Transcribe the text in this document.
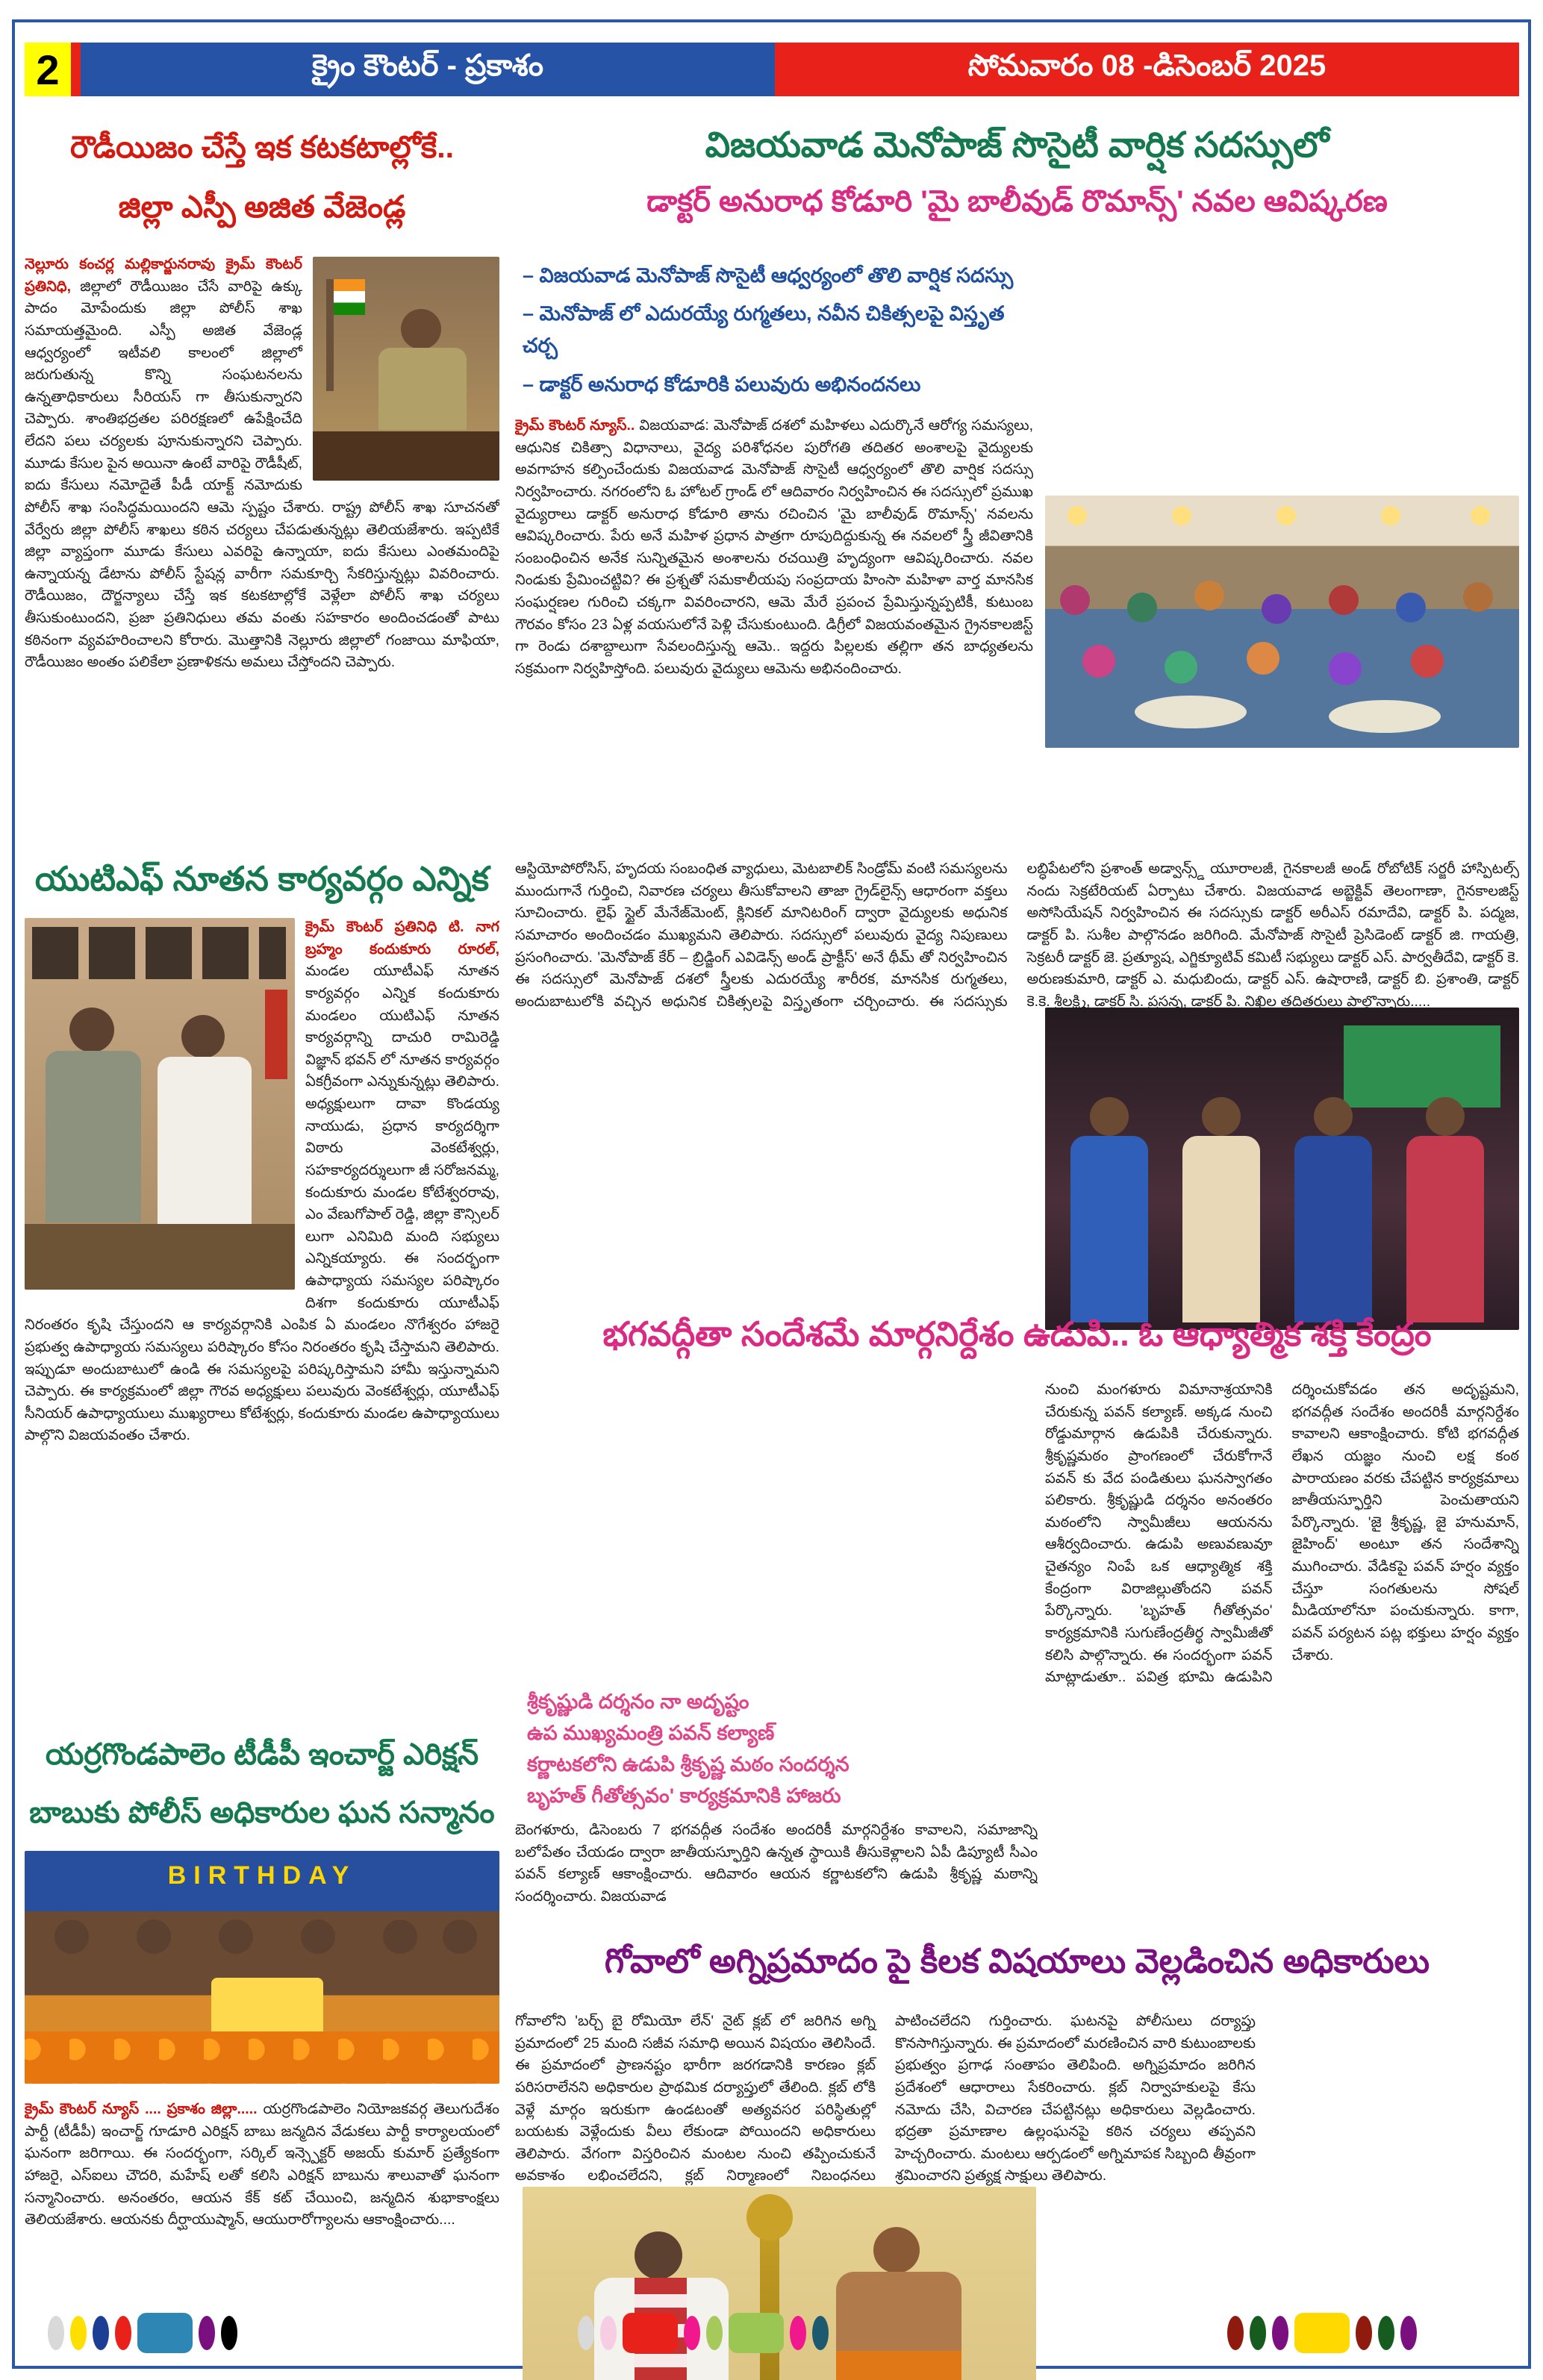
2	క్రైం కౌంటర్ - ప్రకాశం	సోమవారం 08 -డిసెంబర్ 2025
రౌడీయిజం చేస్తే ఇక కటకటాల్లోకే..
జిల్లా ఎస్పీ అజిత వేజెండ్ల
నెల్లూరు కంచర్ల మల్లికార్జునరావు క్రైమ్ కౌంటర్ ప్రతినిధి, జిల్లాలో రౌడీయిజం చేసే వారిపై ఉక్కు పాదం మోపేందుకు జిల్లా పోలీస్ శాఖ సమాయత్తమైంది. ఎస్పీ అజిత వేజెండ్ల ఆధ్వర్యంలో ఇటీవలి కాలంలో జిల్లాలో జరుగుతున్న కొన్ని సంఘటనలను ఉన్నతాధికారులు సీరియస్ గా తీసుకున్నారని చెప్పారు. శాంతిభద్రతల పరిరక్షణలో ఉపేక్షించేది లేదని పలు చర్యలకు పూనుకున్నారని చెప్పారు. మూడు కేసుల పైన అయినా ఉంటే వారిపై రౌడీషీట్, ఐదు కేసులు నమోదైతే పీడీ యాక్ట్ నమోదుకు పోలీస్ శాఖ సంసిద్ధమయిందని ఆమె స్పష్టం చేశారు. రాష్ట్ర పోలీస్ శాఖ సూచనతో వేర్వేరు జిల్లా పోలీస్ శాఖలు కఠిన చర్యలు చేపడుతున్నట్లు తెలియజేశారు. ఇప్పటికే జిల్లా వ్యాప్తంగా మూడు కేసులు ఎవరిపై ఉన్నాయా, ఐదు కేసులు ఎంతమందిపై ఉన్నాయన్న డేటాను పోలీస్ స్టేషన్ల వారీగా సమకూర్చి సేకరిస్తున్నట్లు వివరించారు. రౌడీయిజం, దౌర్జన్యాలు చేస్తే ఇక కటకటాల్లోకే వెళ్లేలా పోలీస్ శాఖ చర్యలు తీసుకుంటుందని, ప్రజా ప్రతినిధులు తమ వంతు సహకారం అందించడంతో పాటు కఠినంగా వ్యవహరించాలని కోరారు. మొత్తానికి నెల్లూరు జిల్లాలో గంజాయి మాఫియా, రౌడీయిజం అంతం పలికేలా ప్రణాళికను అమలు చేస్తోందని చెప్పారు.
యుటిఎఫ్ నూతన కార్యవర్గం ఎన్నిక
క్రైమ్ కౌంటర్ ప్రతినిధి టి. నాగ బ్రహ్మం కందుకూరు రూరల్, మండల యూటీఎఫ్ నూతన కార్యవర్గం ఎన్నిక కందుకూరు మండలం యుటిఎఫ్ నూతన కార్యవర్గాన్ని దాచురి రామిరెడ్డి విజ్ఞాన్ భవన్ లో నూతన కార్యవర్గం ఏకగ్రీవంగా ఎన్నుకున్నట్లు తెలిపారు. అధ్యక్షులుగా దావా కొండయ్య నాయుడు, ప్రధాన కార్యదర్శిగా విఠారు వెంకటేశ్వర్లు, సహకార్యదర్శులుగా జీ సరోజనమ్మ, కందుకూరు మండల కోటేశ్వరరావు, ఎం వేణుగోపాల్ రెడ్డి, జిల్లా కౌన్సిలర్ లుగా ఎనిమిది మంది సభ్యులు ఎన్నికయ్యారు. ఈ సందర్భంగా ఉపాధ్యాయ సమస్యల పరిష్కారం దిశగా కందుకూరు యూటీఎఫ్ నిరంతరం కృషి చేస్తుందని ఆ కార్యవర్గానికి ఎంపిక ఏ మండలం నొగేశ్వరం హాజరై ప్రభుత్వ ఉపాధ్యాయ సమస్యలు పరిష్కారం కోసం నిరంతరం కృషి చేస్తామని తెలిపారు. ఇప్పుడూ అందుబాటులో ఉండి ఈ సమస్యలపై పరిష్కరిస్తామని హామీ ఇస్తున్నామని చెప్పారు. ఈ కార్యక్రమంలో జిల్లా గౌరవ అధ్యక్షులు పలువురు వెంకటేశ్వర్లు, యూటీఎఫ్ సీనియర్ ఉపాధ్యాయులు ముఖ్యరాలు కోటేశ్వర్లు, కందుకూరు మండల ఉపాధ్యాయులు పాల్గొని విజయవంతం చేశారు.
యర్రగొండపాలెం టీడీపీ ఇంచార్జ్ ఎరిక్షన్
బాబుకు పోలీస్ అధికారుల ఘన సన్మానం
BIRTHDAY
క్రైమ్ కౌంటర్ న్యూస్ .... ప్రకాశం జిల్లా..... యర్రగొండపాలెం నియోజకవర్గ తెలుగుదేశం పార్టీ (టీడీపీ) ఇంచార్జ్ గూడూరి ఎరిక్షన్ బాబు జన్మదిన వేడుకలు పార్టీ కార్యాలయంలో ఘనంగా జరిగాయి. ఈ సందర్భంగా, సర్కిల్ ఇన్స్పెక్టర్ అజయ్ కుమార్ ప్రత్యేకంగా హాజరై, ఎస్ఐలు చౌదరి, మహేష్ లతో కలిసి ఎరిక్షన్ బాబును శాలువాతో ఘనంగా సన్మానించారు. అనంతరం, ఆయన కేక్ కట్ చేయించి, జన్మదిన శుభాకాంక్షలు తెలియజేశారు. ఆయనకు దీర్ఘాయుష్మాన్, ఆయురారోగ్యాలను ఆకాంక్షించారు....
విజయవాడ మెనోపాజ్ సొసైటీ వార్షిక సదస్సులో
డాక్టర్ అనురాధ కోడూరి 'మై బాలీవుడ్ రొమాన్స్' నవల ఆవిష్కరణ
– విజయవాడ మెనోపాజ్ సొసైటీ ఆధ్వర్యంలో తొలి వార్షిక సదస్సు
– మెనోపాజ్ లో ఎదురయ్యే రుగ్మతలు, నవీన చికిత్సలపై విస్తృత చర్చ
– డాక్టర్ అనురాధ కోడూరికి పలువురు అభినందనలు
క్రైమ్ కౌంటర్ న్యూస్.. విజయవాడ: మెనోపాజ్ దశలో మహిళలు ఎదుర్కొనే ఆరోగ్య సమస్యలు, ఆధునిక చికిత్సా విధానాలు, వైద్య పరిశోధనల పురోగతి తదితర అంశాలపై వైద్యులకు అవగాహన కల్పించేందుకు విజయవాడ మెనోపాజ్ సొసైటీ ఆధ్వర్యంలో తొలి వార్షిక సదస్సు నిర్వహించారు. నగరంలోని ఓ హోటల్ గ్రాండ్ లో ఆదివారం నిర్వహించిన ఈ సదస్సులో ప్రముఖ వైద్యురాలు డాక్టర్ అనురాధ కోడూరి తాను రచించిన 'మై బాలీవుడ్ రొమాన్స్' నవలను ఆవిష్కరించారు. పేరు అనే మహిళ ప్రధాన పాత్రగా రూపుదిద్దుకున్న ఈ నవలలో స్త్రీ జీవితానికి సంబంధించిన అనేక సున్నితమైన అంశాలను రచయిత్రి హృద్యంగా ఆవిష్కరించారు. నవల నిండుకు ప్రేమించట్టివి? ఈ ప్రశ్నతో సమకాలీయపు సంప్రదాయ హింసా మహిళా వార్త మానసిక సంఘర్షణల గురించి చక్కగా వివరించారని, ఆమె మేరే ప్రపంచ ప్రేమిస్తున్నప్పటికీ, కుటుంబ గౌరవం కోసం 23 ఏళ్ల వయసులోనే పెళ్లి చేసుకుంటుంది. డిగ్రీలో విజయవంతమైన గ్రైనకాలజిస్ట్ గా రెండు దశాబ్దాలుగా సేవలందిస్తున్న ఆమె.. ఇద్దరు పిల్లలకు తల్లిగా తన బాధ్యతలను సక్రమంగా నిర్వహిస్తోంది. పలువురు వైద్యులు ఆమెను అభినందించారు.
ఆస్టియోపోరోసిస్, హృదయ సంబంధిత వ్యాధులు, మెటబాలిక్ సిండ్రోమ్ వంటి సమస్యలను ముందుగానే గుర్తించి, నివారణ చర్యలు తీసుకోవాలని తాజా గ్రైడ్‌లైన్స్ ఆధారంగా వక్తలు సూచించారు. లైఫ్ స్టైల్ మేనేజ్‌మెంట్, క్లినికల్ మానిటరింగ్ ద్వారా వైద్యులకు అధునిక సమాచారం అందించడం ముఖ్యమని తెలిపారు. సదస్సులో పలువురు వైద్య నిపుణులు ప్రసంగించారు. 'మెనోపాజ్ కేర్ – బ్రిడ్జింగ్ ఎవిడెన్స్ అండ్ ప్రాక్టీస్' అనే థీమ్ తో నిర్వహించిన ఈ సదస్సులో మెనోపాజ్ దశలో స్త్రీలకు ఎదురయ్యే శారీరక, మానసిక రుగ్మతలు, అందుబాటులోకి వచ్చిన అధునిక చికిత్సలపై విస్తృతంగా చర్చించారు. ఈ సదస్సుకు లబ్ధిపేటలోని ప్రశాంత్ అడ్వాన్స్డ్ యూరాలజీ, గైనకాలజీ అండ్ రోబోటిక్ సర్జరీ హాస్పిటల్స్ నందు సెక్రటేరియట్ ఏర్పాటు చేశారు. విజయవాడ అబ్జెక్టివ్ తెలంగాణా, గైనకాలజిస్ట్ అసోసియేషన్ నిర్వహించిన ఈ సదస్సుకు డాక్టర్ అరీఎస్ రమాదేవి, డాక్టర్ పి. పద్మజ, డాక్టర్ పి. సుశీల పాల్గొనడం జరిగింది. మేనోపాజ్ సొసైటీ ప్రెసిడెంట్ డాక్టర్ జి. గాయత్రి, సెక్రటరీ డాక్టర్ జె. ప్రత్యూష, ఎగ్జిక్యూటివ్ కమిటీ సభ్యులు డాక్టర్ ఎస్. పార్వతీదేవి, డాక్టర్ కె. అరుణకుమారి, డాక్టర్ ఎ. మధుబిందు, డాక్టర్ ఎస్. ఉషారాణి, డాక్టర్ బి. ప్రశాంతి, డాక్టర్ కె.కె. శ్రీలక్ష్మి, డాక్టర్ సి. ప్రసన్న, డాక్టర్ పి. నిఖిల తదితరులు పాల్గొన్నారు.....
భగవద్గీతా సందేశమే మార్గనిర్దేశం ఉడుపి.. ఓ ఆధ్యాత్మిక శక్తి కేంద్రం
శ్రీకృష్ణుడి దర్శనం నా అదృష్టం
ఉప ముఖ్యమంత్రి పవన్ కల్యాణ్
కర్ణాటకలోని ఉడుపి శ్రీకృష్ణ మఠం సందర్శన
బృహత్ గీతోత్సవం' కార్యక్రమానికి హాజరు
నుంచి మంగళూరు విమానాశ్రయానికి చేరుకున్న పవన్ కల్యాణ్. అక్కడ నుంచి రోడ్డుమార్గాన ఉడుపికి చేరుకున్నారు. శ్రీకృష్ణమఠం ప్రాంగణంలో చేరుకోగానే పవన్ కు వేద పండితులు ఘనస్వాగతం పలికారు. శ్రీకృష్ణుడి దర్శనం అనంతరం మఠంలోని స్వామీజీలు ఆయనను ఆశీర్వదించారు. ఉడుపి అణువణువూ చైతన్యం నింపే ఒక ఆధ్యాత్మిక శక్తి కేంద్రంగా విరాజిల్లుతోందని పవన్ పేర్కొన్నారు. 'బృహత్ గీతోత్సవం' కార్యక్రమానికి సుగుణేంద్రతీర్థ స్వామీజీతో కలిసి పాల్గొన్నారు. ఈ సందర్భంగా పవన్ మాట్లాడుతూ.. పవిత్ర భూమి ఉడుపిని దర్శించుకోవడం తన అదృష్టమని, భగవద్గీత సందేశం అందరికీ మార్గనిర్దేశం కావాలని ఆకాంక్షించారు. కోటి భగవద్గీత లేఖన యజ్ఞం నుంచి లక్ష కంఠ పారాయణం వరకు చేపట్టిన కార్యక్రమాలు జాతీయస్ఫూర్తిని పెంచుతాయని పేర్కొన్నారు. 'జై శ్రీకృష్ణ, జై హనుమాన్, జైహింద్' అంటూ తన సందేశాన్ని ముగించారు. వేడికపై పవన్ హర్షం వ్యక్తం చేస్తూ సంగతులను సోషల్ మీడియాలోనూ పంచుకున్నారు. కాగా, పవన్ పర్యటన పట్ల భక్తులు హర్షం వ్యక్తం చేశారు.
బెంగళూరు, డిసెంబరు 7 భగవద్గీత సందేశం అందరికీ మార్గనిర్దేశం కావాలని, సమాజాన్ని బలోపేతం చేయడం ద్వారా జాతీయస్ఫూర్తిని ఉన్నత స్థాయికి తీసుకెళ్లాలని ఏపీ డిప్యూటీ సీఎం పవన్ కల్యాణ్ ఆకాంక్షించారు. ఆదివారం ఆయన కర్ణాటకలోని ఉడుపి శ్రీకృష్ణ మఠాన్ని సందర్శించారు. విజయవాడ
గోవాలో అగ్నిప్రమాదం పై కీలక విషయాలు వెల్లడించిన అధికారులు
గోవాలోని 'బర్చ్ బై రోమియో లేన్' నైట్ క్లబ్ లో జరిగిన అగ్ని ప్రమాదంలో 25 మంది సజీవ సమాధి అయిన విషయం తెలిసిందే. ఈ ప్రమాదంలో ప్రాణనష్టం భారీగా జరగడానికి కారణం క్లబ్ పరిసరాలేనని అధికారుల ప్రాథమిక దర్యాప్తులో తేలింది. క్లబ్ లోకి వెళ్లే మార్గం ఇరుకుగా ఉండటంతో అత్యవసర పరిస్థితుల్లో బయటకు వెళ్లేందుకు వీలు లేకుండా పోయిందని అధికారులు తెలిపారు. వేగంగా విస్తరించిన మంటల నుంచి తప్పించుకునే అవకాశం లభించలేదని, క్లబ్ నిర్మాణంలో నిబంధనలు పాటించలేదని గుర్తించారు. ఘటనపై పోలీసులు దర్యాప్తు కొనసాగిస్తున్నారు. ఈ ప్రమాదంలో మరణించిన వారి కుటుంబాలకు ప్రభుత్వం ప్రగాఢ సంతాపం తెలిపింది. అగ్నిప్రమాదం జరిగిన ప్రదేశంలో ఆధారాలు సేకరించారు. క్లబ్ నిర్వాహకులపై కేసు నమోదు చేసి, విచారణ చేపట్టినట్లు అధికారులు వెల్లడించారు. భద్రతా ప్రమాణాల ఉల్లంఘనపై కఠిన చర్యలు తప్పవని హెచ్చరించారు. మంటలు ఆర్పడంలో అగ్నిమాపక సిబ్బంది తీవ్రంగా శ్రమించారని ప్రత్యక్ష సాక్షులు తెలిపారు.
